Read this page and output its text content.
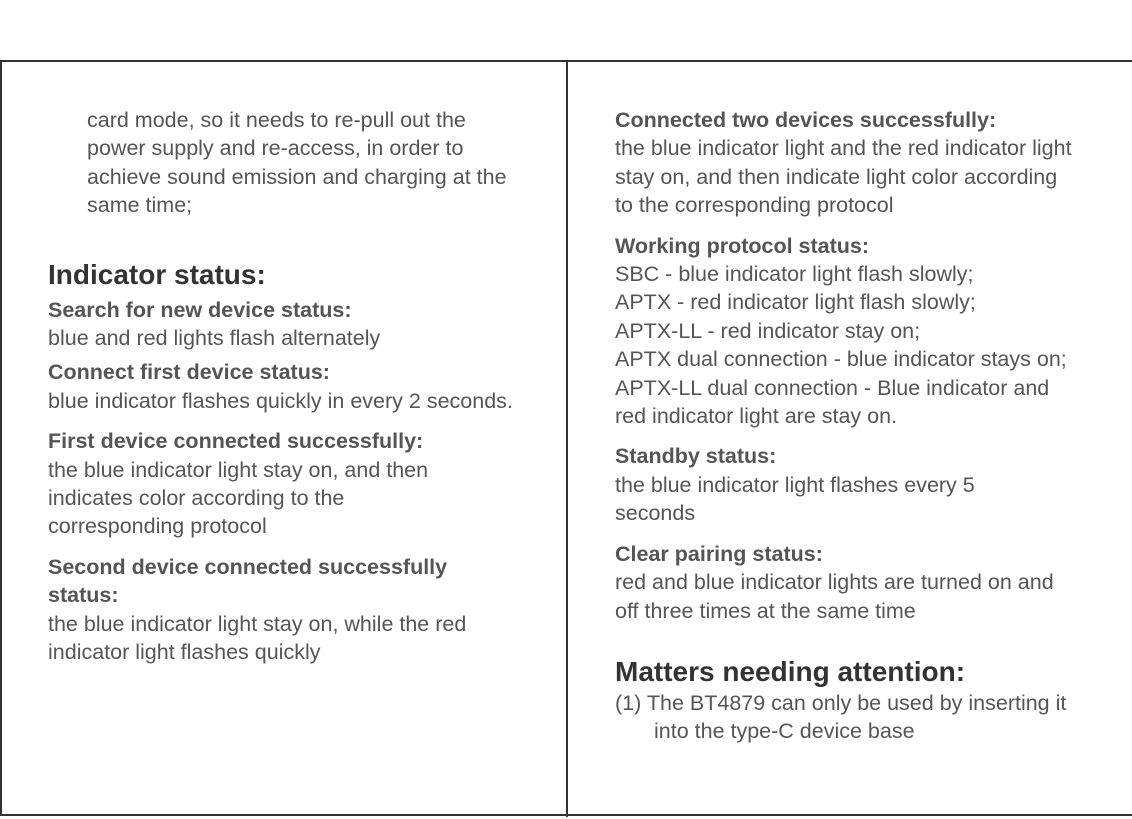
card mode, so it needs to re-pull out the power supply and re-access, in order to achieve sound emission and charging at the same time;

Indicator status:

Search for new device status:

blue and red lights flash alternately

Connect first device status:

blue indicator flashes quickly in every 2 seconds.

First device connected successfully:

the blue indicator light stay on, and then indicates color according to the corresponding protocol

Second device connected successfully status:

the blue indicator light stay on, while the red indicator light flashes quickly

Connected two devices successfully:

the blue indicator light and the red indicator light stay on, and then indicate light color according to the corresponding protocol

Working protocol status:

SBC - blue indicator light flash slowly;

APTX - red indicator light flash slowly;

APTX-LL - red indicator stay on;

APTX dual connection - blue indicator stays on;

APTX-LL dual connection - Blue indicator and red indicator light are stay on.

Standby status:

the blue indicator light flashes every 5 seconds

Clear pairing status:

red and blue indicator lights are turned on and off three times at the same time

Matters needing attention:

(1) The BT4879 can only be used by inserting it into the type-C device base
